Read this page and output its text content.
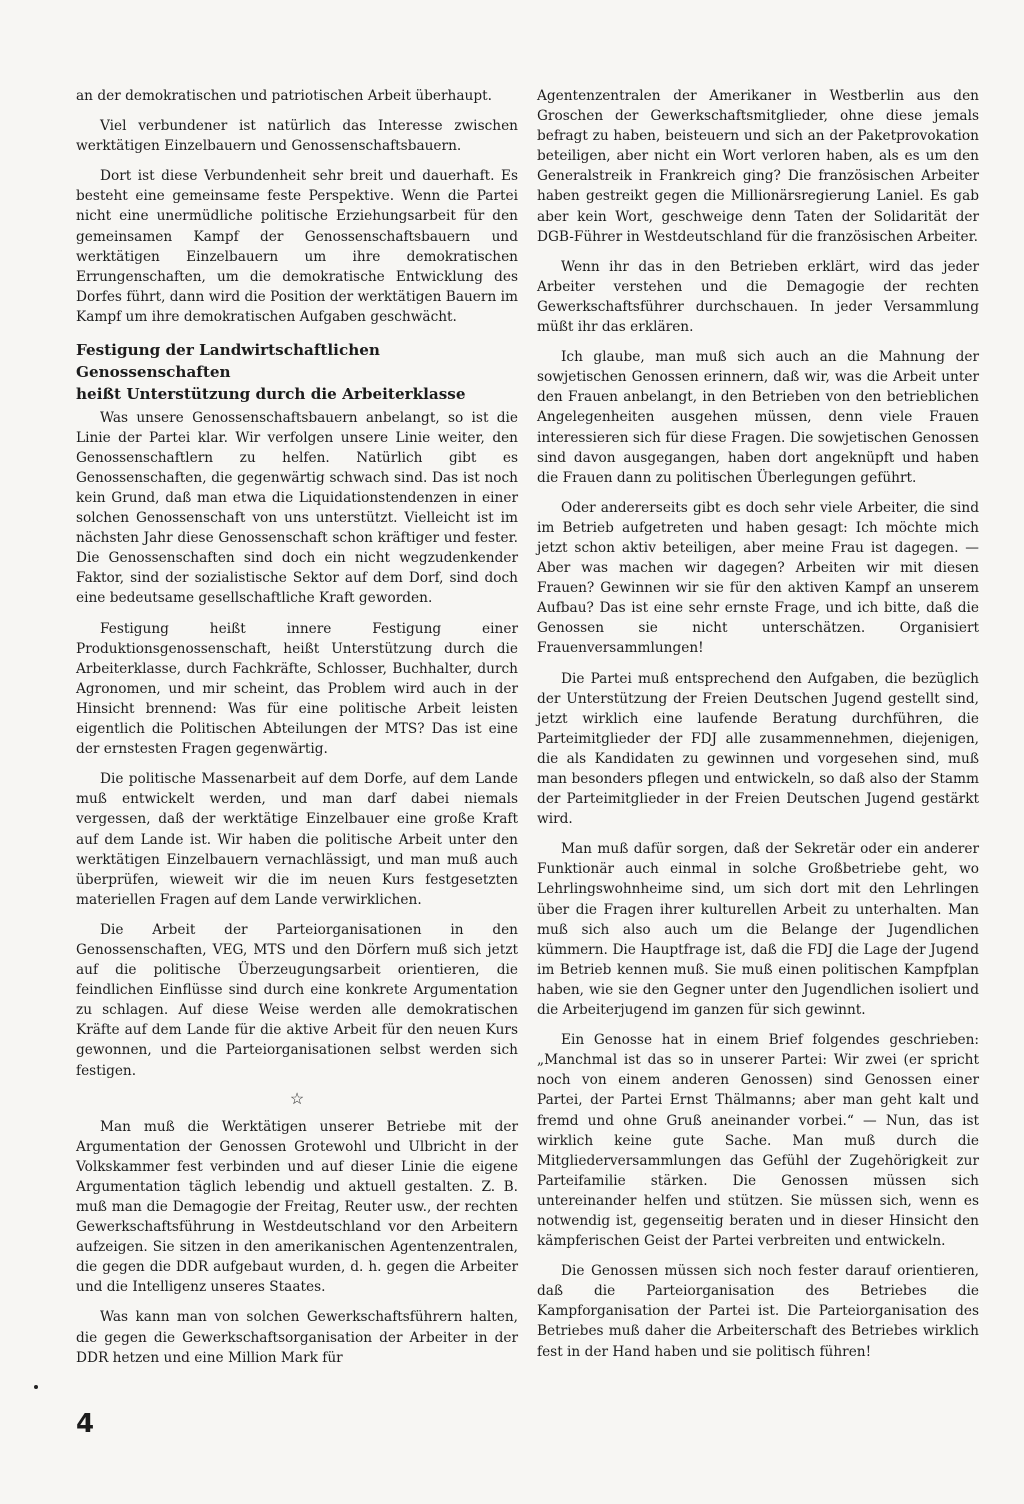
an der demokratischen und patriotischen Arbeit überhaupt.

Viel verbundener ist natürlich das Interesse zwischen werktätigen Einzelbauern und Genossenschaftsbauern.

Dort ist diese Verbundenheit sehr breit und dauerhaft. Es besteht eine gemeinsame feste Perspektive. Wenn die Partei nicht eine unermüdliche politische Erziehungsarbeit für den gemeinsamen Kampf der Genossenschaftsbauern und werktätigen Einzelbauern um ihre demokratischen Errungenschaften, um die demokratische Entwicklung des Dorfes führt, dann wird die Position der werktätigen Bauern im Kampf um ihre demokratischen Aufgaben geschwächt.

Festigung der Landwirtschaftlichen Genossenschaften
heißt Unterstützung durch die Arbeiterklasse

Was unsere Genossenschaftsbauern anbelangt, so ist die Linie der Partei klar. Wir verfolgen unsere Linie weiter, den Genossenschaftlern zu helfen. Natürlich gibt es Genossenschaften, die gegenwärtig schwach sind. Das ist noch kein Grund, daß man etwa die Liquidationstendenzen in einer solchen Genossenschaft von uns unterstützt. Vielleicht ist im nächsten Jahr diese Genossenschaft schon kräftiger und fester. Die Genossenschaften sind doch ein nicht wegzudenkender Faktor, sind der sozialistische Sektor auf dem Dorf, sind doch eine bedeutsame gesellschaftliche Kraft geworden.

Festigung heißt innere Festigung einer Produktionsgenossenschaft, heißt Unterstützung durch die Arbeiterklasse, durch Fachkräfte, Schlosser, Buchhalter, durch Agronomen, und mir scheint, das Problem wird auch in der Hinsicht brennend: Was für eine politische Arbeit leisten eigentlich die Politischen Abteilungen der MTS? Das ist eine der ernstesten Fragen gegenwärtig.

Die politische Massenarbeit auf dem Dorfe, auf dem Lande muß entwickelt werden, und man darf dabei niemals vergessen, daß der werktätige Einzelbauer eine große Kraft auf dem Lande ist. Wir haben die politische Arbeit unter den werktätigen Einzelbauern vernachlässigt, und man muß auch überprüfen, wieweit wir die im neuen Kurs festgesetzten materiellen Fragen auf dem Lande verwirklichen.

Die Arbeit der Parteiorganisationen in den Genossenschaften, VEG, MTS und den Dörfern muß sich jetzt auf die politische Überzeugungsarbeit orientieren, die feindlichen Einflüsse sind durch eine konkrete Argumentation zu schlagen. Auf diese Weise werden alle demokratischen Kräfte auf dem Lande für die aktive Arbeit für den neuen Kurs gewonnen, und die Parteiorganisationen selbst werden sich festigen.

☆

Man muß die Werktätigen unserer Betriebe mit der Argumentation der Genossen Grotewohl und Ulbricht in der Volkskammer fest verbinden und auf dieser Linie die eigene Argumentation täglich lebendig und aktuell gestalten. Z. B. muß man die Demagogie der Freitag, Reuter usw., der rechten Gewerkschaftsführung in Westdeutschland vor den Arbeitern aufzeigen. Sie sitzen in den amerikanischen Agentenzentralen, die gegen die DDR aufgebaut wurden, d. h. gegen die Arbeiter und die Intelligenz unseres Staates.

Was kann man von solchen Gewerkschaftsführern halten, die gegen die Gewerkschaftsorganisation der Arbeiter in der DDR hetzen und eine Million Mark für

Agentenzentralen der Amerikaner in Westberlin aus den Groschen der Gewerkschaftsmitglieder, ohne diese jemals befragt zu haben, beisteuern und sich an der Paketprovokation beteiligen, aber nicht ein Wort verloren haben, als es um den Generalstreik in Frankreich ging? Die französischen Arbeiter haben gestreikt gegen die Millionärsregierung Laniel. Es gab aber kein Wort, geschweige denn Taten der Solidarität der DGB-Führer in Westdeutschland für die französischen Arbeiter.

Wenn ihr das in den Betrieben erklärt, wird das jeder Arbeiter verstehen und die Demagogie der rechten Gewerkschaftsführer durchschauen. In jeder Versammlung müßt ihr das erklären.

Ich glaube, man muß sich auch an die Mahnung der sowjetischen Genossen erinnern, daß wir, was die Arbeit unter den Frauen anbelangt, in den Betrieben von den betrieblichen Angelegenheiten ausgehen müssen, denn viele Frauen interessieren sich für diese Fragen. Die sowjetischen Genossen sind davon ausgegangen, haben dort angeknüpft und haben die Frauen dann zu politischen Überlegungen geführt.

Oder andererseits gibt es doch sehr viele Arbeiter, die sind im Betrieb aufgetreten und haben gesagt: Ich möchte mich jetzt schon aktiv beteiligen, aber meine Frau ist dagegen. — Aber was machen wir dagegen? Arbeiten wir mit diesen Frauen? Gewinnen wir sie für den aktiven Kampf an unserem Aufbau? Das ist eine sehr ernste Frage, und ich bitte, daß die Genossen sie nicht unterschätzen. Organisiert Frauenversammlungen!

Die Partei muß entsprechend den Aufgaben, die bezüglich der Unterstützung der Freien Deutschen Jugend gestellt sind, jetzt wirklich eine laufende Beratung durchführen, die Parteimitglieder der FDJ alle zusammennehmen, diejenigen, die als Kandidaten zu gewinnen und vorgesehen sind, muß man besonders pflegen und entwickeln, so daß also der Stamm der Parteimitglieder in der Freien Deutschen Jugend gestärkt wird.

Man muß dafür sorgen, daß der Sekretär oder ein anderer Funktionär auch einmal in solche Großbetriebe geht, wo Lehrlingswohnheime sind, um sich dort mit den Lehrlingen über die Fragen ihrer kulturellen Arbeit zu unterhalten. Man muß sich also auch um die Belange der Jugendlichen kümmern. Die Hauptfrage ist, daß die FDJ die Lage der Jugend im Betrieb kennen muß. Sie muß einen politischen Kampfplan haben, wie sie den Gegner unter den Jugendlichen isoliert und die Arbeiterjugend im ganzen für sich gewinnt.

Ein Genosse hat in einem Brief folgendes geschrieben: „Manchmal ist das so in unserer Partei: Wir zwei (er spricht noch von einem anderen Genossen) sind Genossen einer Partei, der Partei Ernst Thälmanns; aber man geht kalt und fremd und ohne Gruß aneinander vorbei.“ — Nun, das ist wirklich keine gute Sache. Man muß durch die Mitgliederversammlungen das Gefühl der Zugehörigkeit zur Parteifamilie stärken. Die Genossen müssen sich untereinander helfen und stützen. Sie müssen sich, wenn es notwendig ist, gegenseitig beraten und in dieser Hinsicht den kämpferischen Geist der Partei verbreiten und entwickeln.

Die Genossen müssen sich noch fester darauf orientieren, daß die Parteiorganisation des Betriebes die Kampforganisation der Partei ist. Die Parteiorganisation des Betriebes muß daher die Arbeiterschaft des Betriebes wirklich fest in der Hand haben und sie politisch führen!

4
